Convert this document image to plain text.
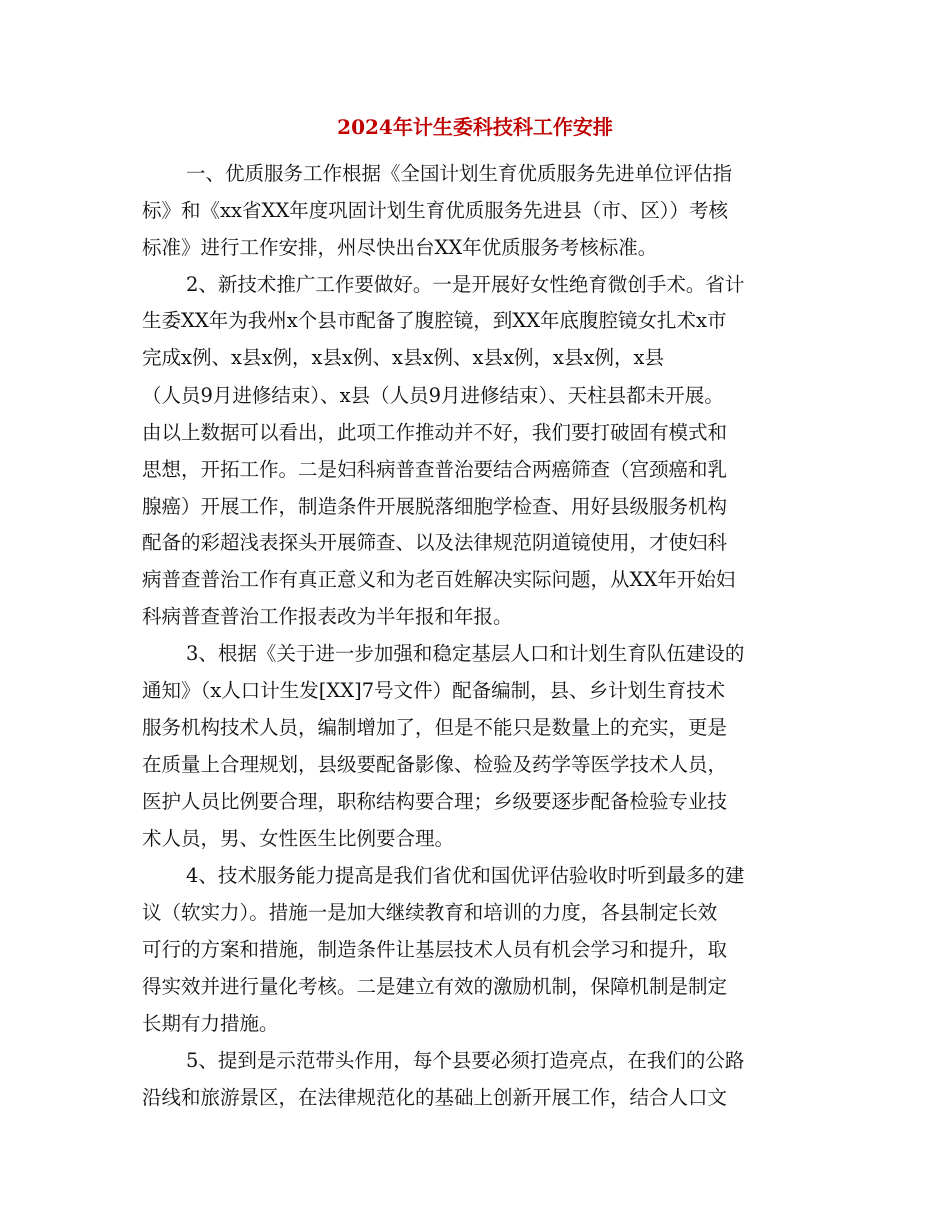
2024年计生委科技科工作安排

一、优质服务工作根据《全国计划生育优质服务先进单位评估指

标》和《xx省XX年度巩固计划生育优质服务先进县（市、区））考核

标准》进行工作安排，州尽快出台XX年优质服务考核标准。

2、新技术推广工作要做好。一是开展好女性绝育微创手术。省计

生委XX年为我州x个县市配备了腹腔镜，到XX年底腹腔镜女扎术x市

完成x例、x县x例，x县x例、x县x例、x县x例，x县x例，x县

（人员9月进修结束）、x县（人员9月进修结束）、天柱县都未开展。

由以上数据可以看出，此项工作推动并不好，我们要打破固有模式和

思想，开拓工作。二是妇科病普查普治要结合两癌筛查（宫颈癌和乳

腺癌）开展工作，制造条件开展脱落细胞学检查、用好县级服务机构

配备的彩超浅表探头开展筛查、以及法律规范阴道镜使用，才使妇科

病普查普治工作有真正意义和为老百姓解决实际问题，从XX年开始妇

科病普查普治工作报表改为半年报和年报。

3、根据《关于进一步加强和稳定基层人口和计划生育队伍建设的

通知》（x人口计生发[XX]7号文件）配备编制，县、乡计划生育技术

服务机构技术人员，编制增加了，但是不能只是数量上的充实，更是

在质量上合理规划，县级要配备影像、检验及药学等医学技术人员，

医护人员比例要合理，职称结构要合理；乡级要逐步配备检验专业技

术人员，男、女性医生比例要合理。

4、技术服务能力提高是我们省优和国优评估验收时听到最多的建

议（软实力）。措施一是加大继续教育和培训的力度，各县制定长效

可行的方案和措施，制造条件让基层技术人员有机会学习和提升，取

得实效并进行量化考核。二是建立有效的激励机制，保障机制是制定

长期有力措施。

5、提到是示范带头作用，每个县要必须打造亮点，在我们的公路

沿线和旅游景区，在法律规范化的基础上创新开展工作，结合人口文
